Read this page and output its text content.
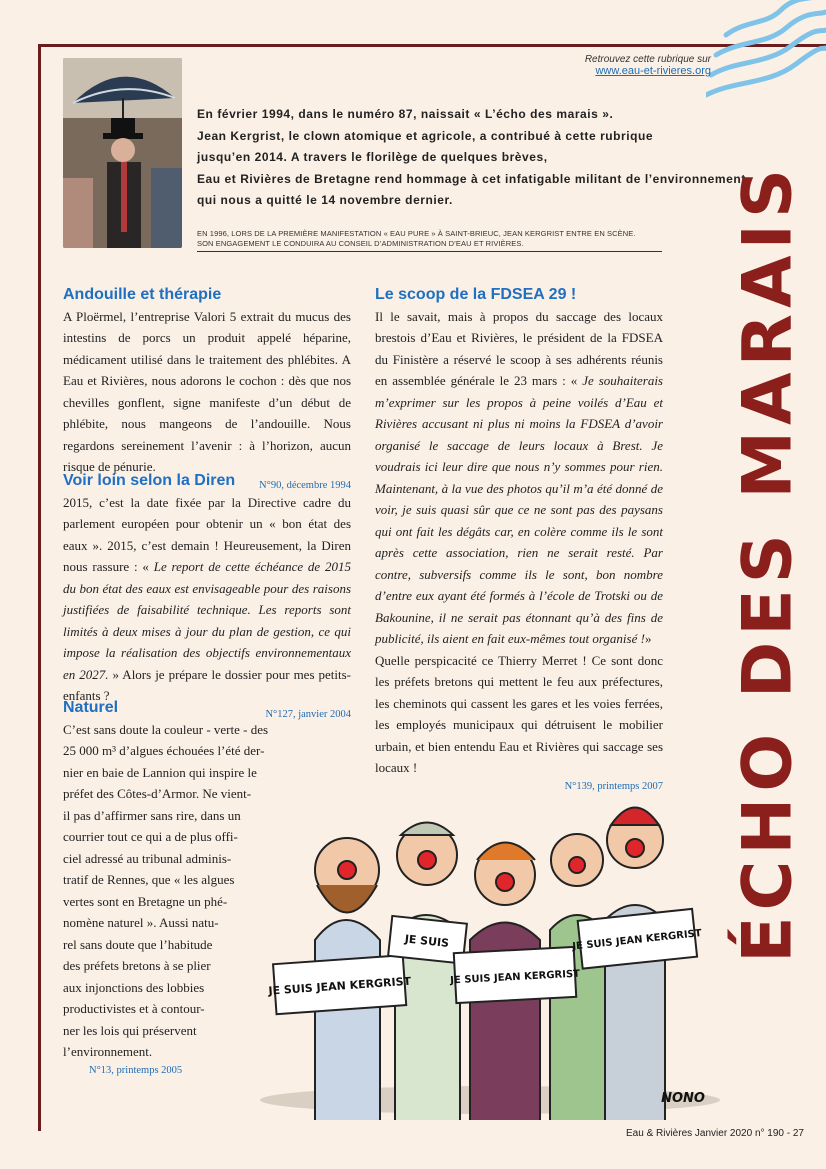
Retrouvez cette rubrique sur
www.eau-et-rivieres.org

En février 1994, dans le numéro 87, naissait « L’écho des marais ».

Jean Kergrist, le clown atomique et agricole, a contribué à cette rubrique

jusqu’en 2014. A travers le florilège de quelques brèves,

Eau et Rivières de Bretagne rend hommage à cet infatigable militant de l’environnement,

qui nous a quitté le 14 novembre dernier.

EN 1996, LORS DE LA PREMIÈRE MANIFESTATION « EAU PURE » À SAINT-BRIEUC, JEAN KERGRIST ENTRE EN SCÈNE.
SON ENGAGEMENT LE CONDUIRA AU CONSEIL D’ADMINISTRATION D’EAU ET RIVIÈRES.
Andouille et thérapie

A Ploërmel, l’entreprise Valori 5 extrait du mucus des intestins de porcs un produit appelé héparine, médicament utilisé dans le traitement des phlébites. A Eau et Rivières, nous adorons le cochon : dès que nos chevilles gonflent, signe manifeste d’un début de phlébite, nous mangeons de l’andouille. Nous regardons sereinement l’avenir : à l’horizon, aucun risque de pénurie.

N°90, décembre 1994
Voir loin selon la Diren

2015, c’est la date fixée par la Directive cadre du parlement européen pour obtenir un « bon état des eaux ». 2015, c’est demain ! Heureusement, la Diren nous rassure : « Le report de cette échéance de 2015 du bon état des eaux est envisageable pour des raisons justifiées de faisabilité technique. Les reports sont limités à deux mises à jour du plan de gestion, ce qui impose la réalisation des objectifs environnementaux en 2027. » Alors je prépare le dossier pour mes petits-enfants ?

N°127, janvier 2004
Naturel
C’est sans doute la couleur - verte - des
25 000 m³ d’algues échouées l’été der-
nier en baie de Lannion qui inspire le
préfet des Côtes-d’Armor. Ne vient-
il pas d’affirmer sans rire, dans un
courrier tout ce qui a de plus offi-
ciel adressé au tribunal adminis-
tratif de Rennes, que « les algues
vertes sont en Bretagne un phé-
nomène naturel ». Aussi natu-
rel sans doute que l’habitude
des préfets bretons à se plier
aux injonctions des lobbies
productivistes et à contour-
ner les lois qui préservent
l’environnement.
N°13, printemps 2005
Le scoop de la FDSEA 29 !

Il le savait, mais à propos du saccage des locaux brestois d’Eau et Rivières, le président de la FDSEA du Finistère a réservé le scoop à ses adhérents réunis en assemblée générale le 23 mars : « Je souhaiterais m’exprimer sur les propos à peine voilés d’Eau et Rivières accusant ni plus ni moins la FDSEA d’avoir organisé le saccage de leurs locaux à Brest. Je voudrais ici leur dire que nous n’y sommes pour rien. Maintenant, à la vue des photos qu’il m’a été donné de voir, je suis quasi sûr que ce ne sont pas des paysans qui ont fait les dégâts car, en colère comme ils le sont après cette association, rien ne serait resté. Par contre, subversifs comme ils le sont, bon nombre d’entre eux ayant été formés à l’école de Trotski ou de Bakounine, il ne serait pas étonnant qu’à des fins de publicité, ils aient en fait eux-mêmes tout organisé !»

Quelle perspicacité ce Thierry Merret ! Ce sont donc les préfets bretons qui mettent le feu aux préfectures, les cheminots qui cassent les gares et les voies ferrées, les employés municipaux qui détruisent le mobilier urbain, et bien entendu Eau et Rivières qui saccage ses locaux !

N°139, printemps 2007 ÉCHO DES MARAIS
JE SUIS JEAN KERGRIST
JE SUIS
JE SUIS JEAN KERGRIST
JE SUIS JEAN KERGRIST
NONO
Eau & Rivières Janvier 2020 n° 190 - 27
